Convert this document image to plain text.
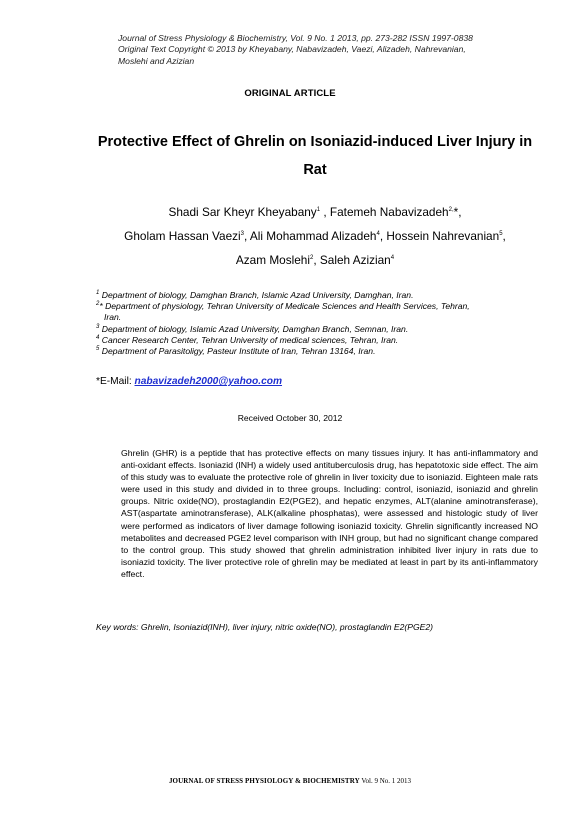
Journal of Stress Physiology & Biochemistry, Vol. 9 No. 1 2013, pp. 273-282 ISSN 1997-0838
Original Text Copyright © 2013 by Kheyabany, Nabavizadeh, Vaezi, Alizadeh, Nahrevanian,
Moslehi and Azizian
ORIGINAL ARTICLE
Protective Effect of Ghrelin on Isoniazid-induced Liver Injury in
Rat
Shadi Sar Kheyr Kheyabany$^1$ , Fatemeh Nabavizadeh$^{2,}$*,
Gholam Hassan Vaezi$^3$, Ali Mohammad Alizadeh$^4$, Hossein Nahrevanian$^5$,
Azam Moslehi$^2$, Saleh Azizian$^4$
$^1$ Department of biology, Damghan Branch, Islamic Azad University, Damghan, Iran.
$^2$* Department of physiology, Tehran University of Medicale Sciences and Health Services, Tehran,
Iran.
$^3$ Department of biology, Islamic Azad University, Damghan Branch, Semnan, Iran.
$^4$ Cancer Research Center, Tehran University of medical sciences, Tehran, Iran.
$^5$ Department of Parasitoligy, Pasteur Institute of Iran, Tehran 13164, Iran.
*E-Mail: nabavizadeh2000@yahoo.com
Received October 30, 2012
Ghrelin (GHR) is a peptide that has protective effects on many tissues injury. It has anti-inflammatory and anti-oxidant effects. Isoniazid (INH) a widely used antituberculosis drug, has hepatotoxic side effect. The aim of this study was to evaluate the protective role of ghrelin in liver toxicity due to isoniazid. Eighteen male rats were used in this study and divided in to three groups. Including: control, isoniazid, isoniazid and ghrelin groups. Nitric oxide(NO), prostaglandin E2(PGE2), and hepatic enzymes, ALT(alanine aminotransferase), AST(aspartate aminotransferase), ALK(alkaline phosphatas), were assessed and histologic study of liver were performed as indicators of liver damage following isoniazid toxicity. Ghrelin significantly increased NO metabolites and decreased PGE2 level comparison with INH group, but had no significant change compared to the control group. This study showed that ghrelin administration inhibited liver injury in rats due to isoniazid toxicity. The liver protective role of ghrelin may be mediated at least in part by its anti-inflammatory effect.
Key words: Ghrelin, Isoniazid(INH), liver injury, nitric oxide(NO), prostaglandin E2(PGE2)
JOURNAL OF STRESS PHYSIOLOGY & BIOCHEMISTRY Vol. 9 No. 1 2013
